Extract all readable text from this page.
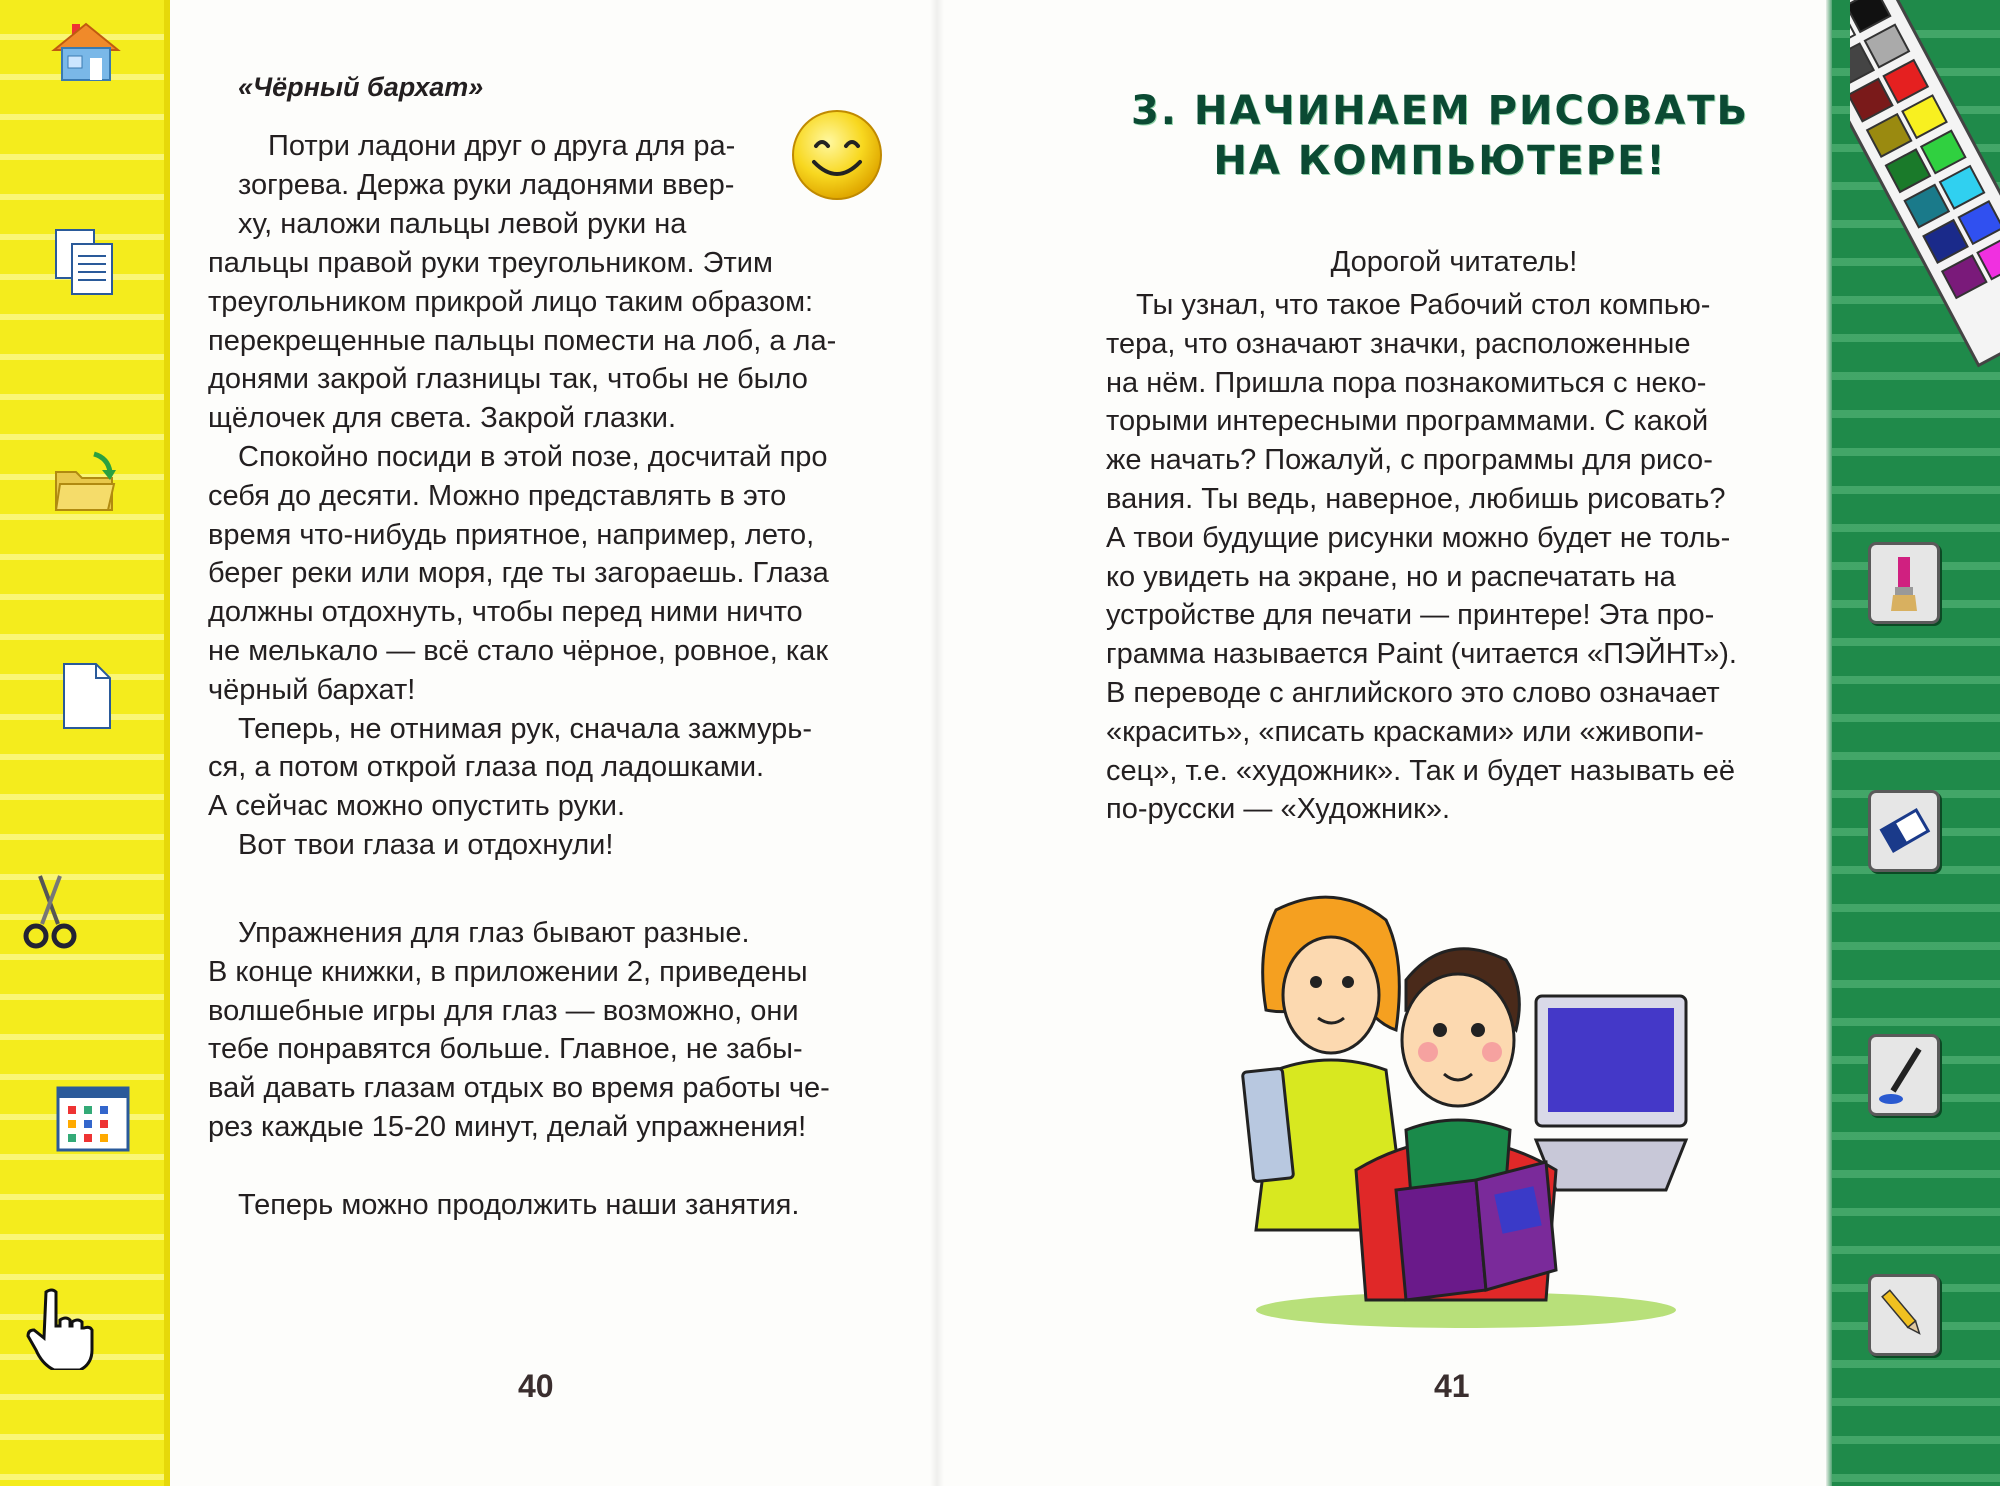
«Чёрный бархат»

Потри ладони друг о друга для ра-

зогрева. Держа руки ладонями ввер-

ху, наложи пальцы левой руки на

пальцы правой руки треугольником. Этим

треугольником прикрой лицо таким образом:

перекрещенные пальцы помести на лоб, а ла-

донями закрой глазницы так, чтобы не было

щёлочек для света. Закрой глазки.

Спокойно посиди в этой позе, досчитай про

себя до десяти. Можно представлять в это

время что-нибудь приятное, например, лето,

берег реки или моря, где ты загораешь. Глаза

должны отдохнуть, чтобы перед ними ничто

не мелькало — всё стало чёрное, ровное, как

чёрный бархат!

Теперь, не отнимая рук, сначала зажмурь-

ся, а потом открой глаза под ладошками.

А сейчас можно опустить руки.

Вот твои глаза и отдохнули!

Упражнения для глаз бывают разные.

В конце книжки, в приложении 2, приведены

волшебные игры для глаз — возможно, они

тебе понравятся больше. Главное, не забы-

вай давать глазам отдых во время работы че-

рез каждые 15-20 минут, делай упражнения!

Теперь можно продолжить наши занятия.

40
3. НАЧИНАЕМ РИСОВАТЬ
НА КОМПЬЮТЕРЕ!
Дорогой читатель!

Ты узнал, что такое Рабочий стол компью-

тера, что означают значки, расположенные

на нём. Пришла пора познакомиться с неко-

торыми интересными программами. С какой

же начать? Пожалуй, с программы для рисо-

вания. Ты ведь, наверное, любишь рисовать?

А твои будущие рисунки можно будет не толь-

ко увидеть на экране, но и распечатать на

устройстве для печати — принтере! Эта про-

грамма называется Paint (читается «ПЭЙНТ»).

В переводе с английского это слово означает

«красить», «писать красками» или «живопи-

сец», т.е. «художник». Так и будет называть её

по-русски — «Художник».

41
